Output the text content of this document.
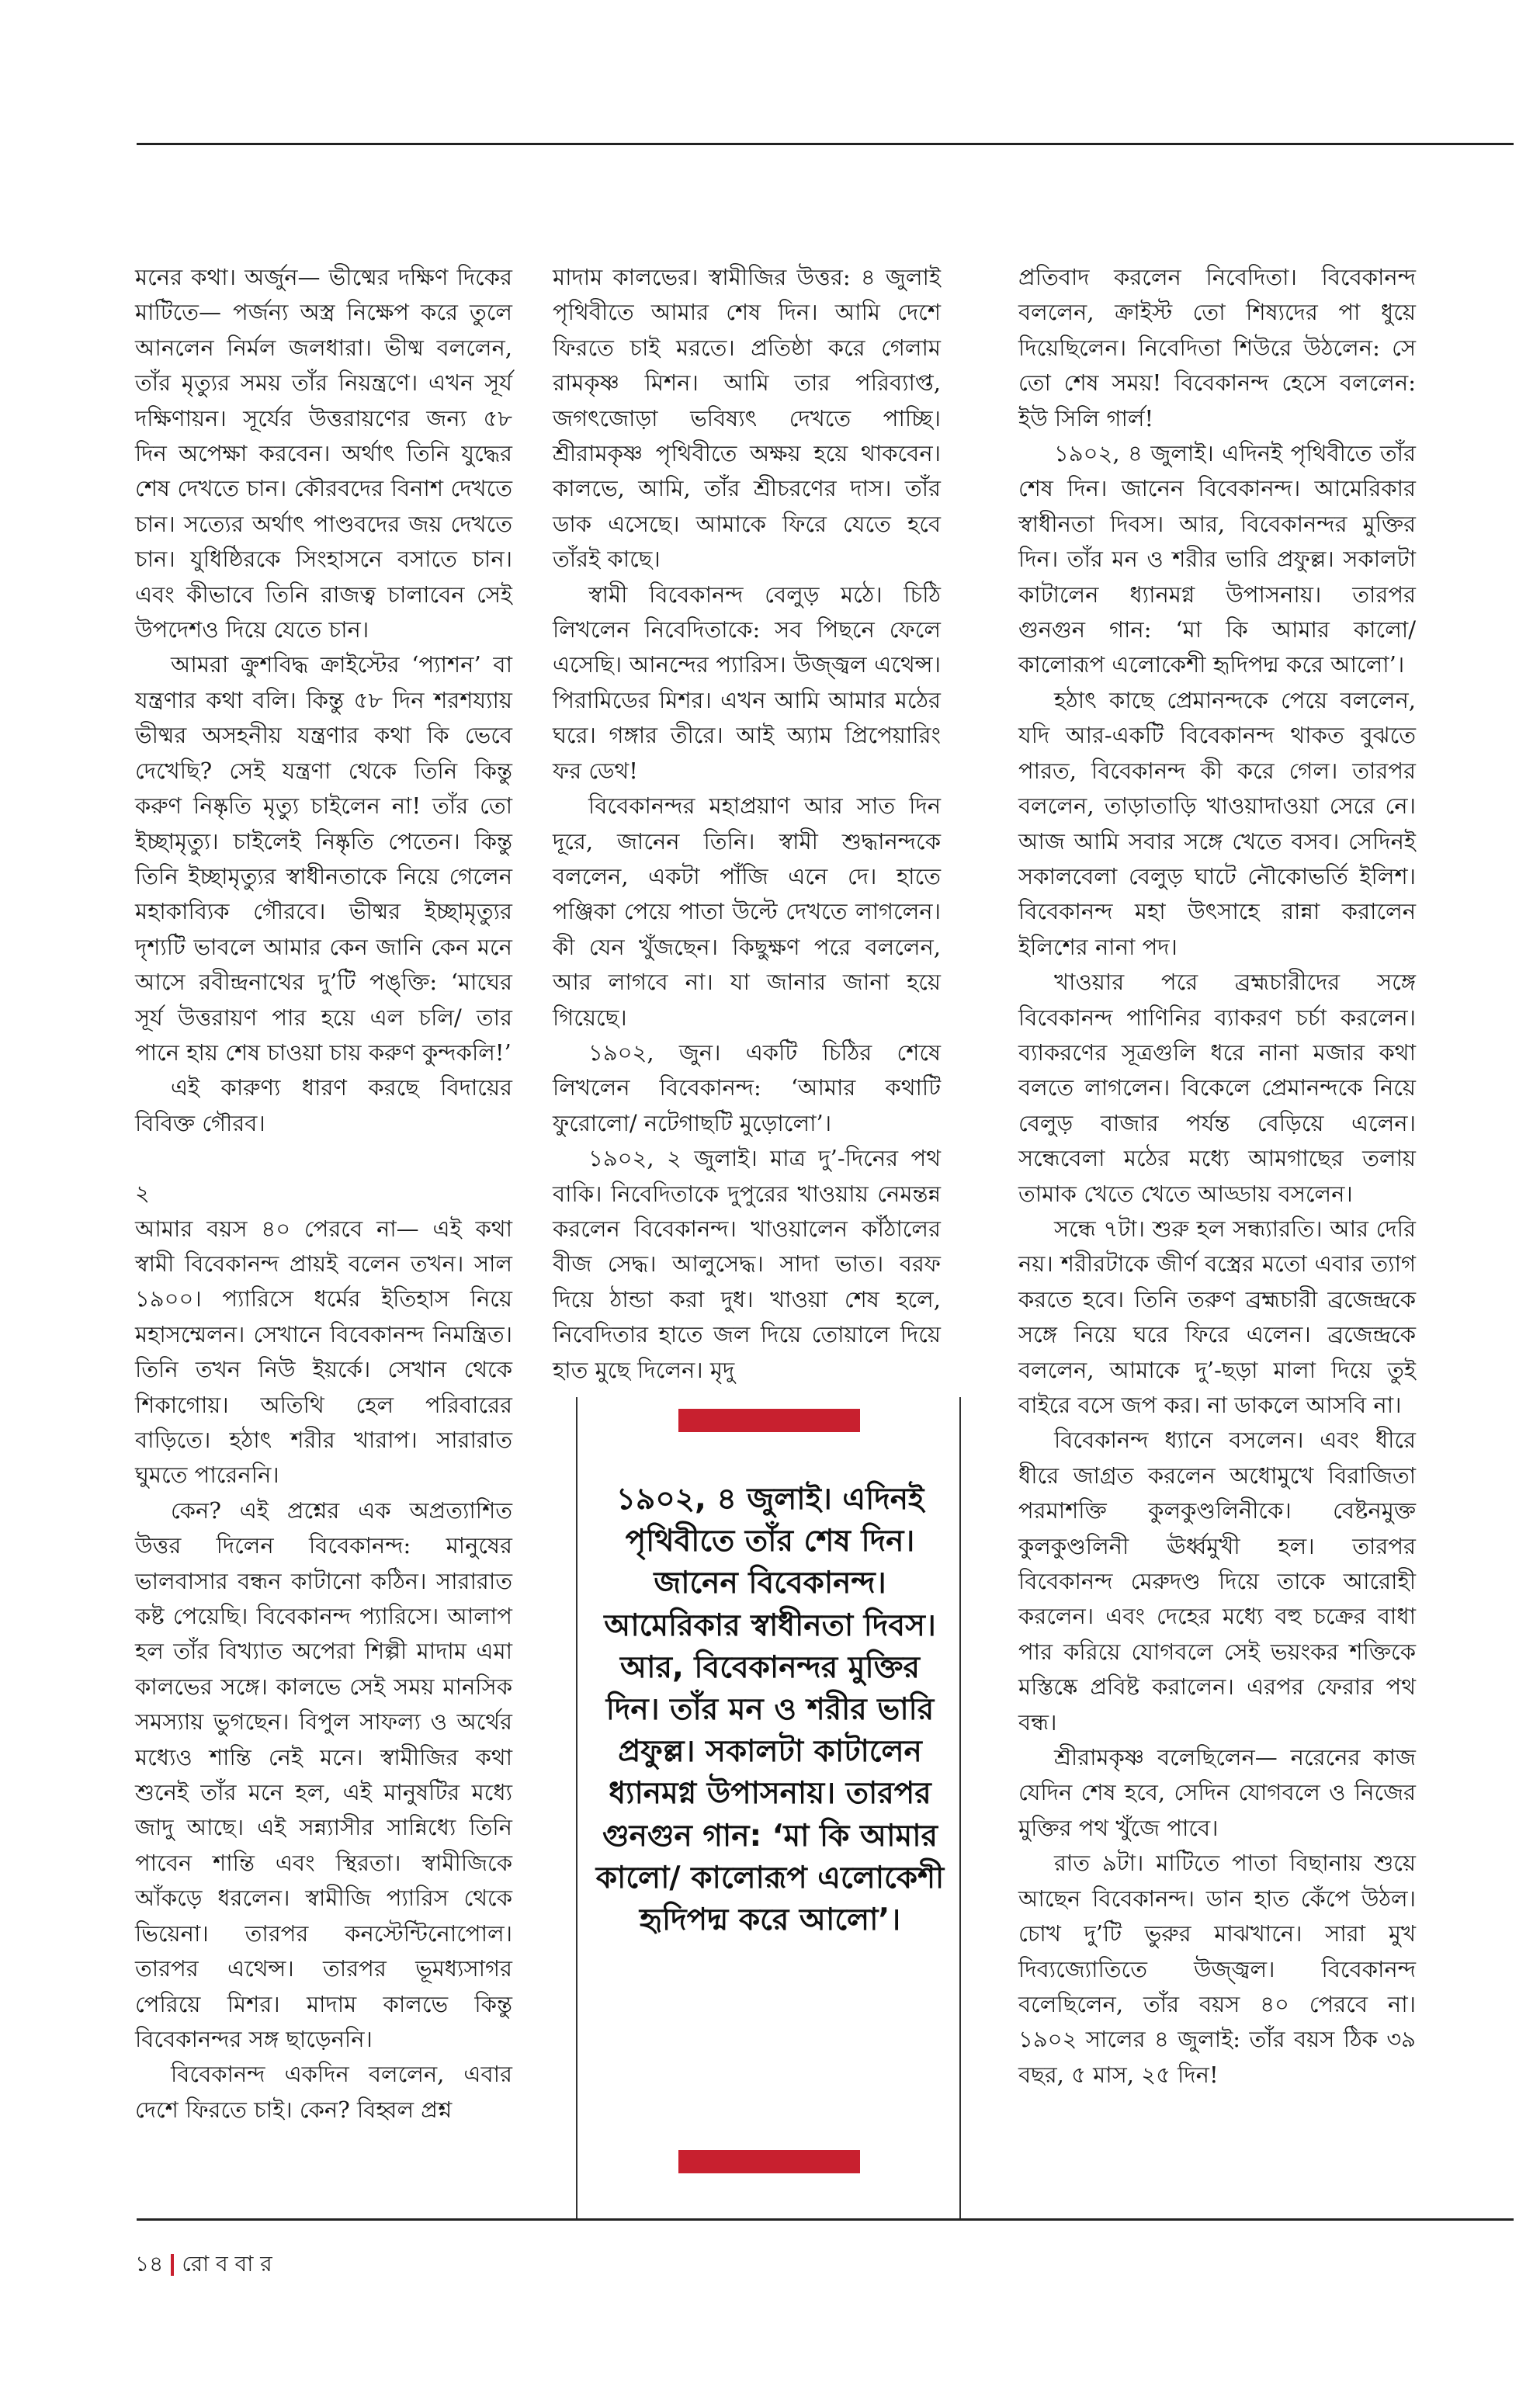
মনের কথা। অর্জুন— ভীষ্মের দক্ষিণ দিকের মাটিতে— পর্জন্য অস্ত্র নিক্ষেপ করে তুলে আনলেন নির্মল জলধারা। ভীষ্ম বললেন, তাঁর মৃত্যুর সময় তাঁর নিয়ন্ত্রণে। এখন সূর্য দক্ষিণায়ন। সূর্যের উত্তরায়ণের জন্য ৫৮ দিন অপেক্ষা করবেন। অর্থাৎ তিনি যুদ্ধের শেষ দেখতে চান। কৌরবদের বিনাশ দেখতে চান। সত্যের অর্থাৎ পাণ্ডবদের জয় দেখতে চান। যুধিষ্ঠিরকে সিংহাসনে বসাতে চান। এবং কীভাবে তিনি রাজত্ব চালাবেন সেই উপদেশও দিয়ে যেতে চান।

আমরা ক্রুশবিদ্ধ ক্রাইস্টের ‘প্যাশন’ বা যন্ত্রণার কথা বলি। কিন্তু ৫৮ দিন শরশয্যায় ভীষ্মর অসহনীয় যন্ত্রণার কথা কি ভেবে দেখেছি? সেই যন্ত্রণা থেকে তিনি কিন্তু করুণ নিষ্কৃতি মৃত্যু চাইলেন না! তাঁর তো ইচ্ছামৃত্যু। চাইলেই নিষ্কৃতি পেতেন। কিন্তু তিনি ইচ্ছামৃত্যুর স্বাধীনতাকে নিয়ে গেলেন মহাকাব্যিক গৌরবে। ভীষ্মর ইচ্ছামৃত্যুর দৃশ্যটি ভাবলে আমার কেন জানি কেন মনে আসে রবীন্দ্রনাথের দু’টি পঙ্‌ক্তি: ‘মাঘের সূর্য উত্তরায়ণ পার হয়ে এল চলি/ তার পানে হায় শেষ চাওয়া চায় করুণ কুন্দকলি!’

এই কারুণ্য ধারণ করছে বিদায়ের বিবিক্ত গৌরব।

২

আমার বয়স ৪০ পেরবে না— এই কথা স্বামী বিবেকানন্দ প্রায়ই বলেন তখন। সাল ১৯০০। প্যারিসে ধর্মের ইতিহাস নিয়ে মহাসম্মেলন। সেখানে বিবেকানন্দ নিমন্ত্রিত। তিনি তখন নিউ ইয়র্কে। সেখান থেকে শিকাগোয়। অতিথি হেল পরিবারের বাড়িতে। হঠাৎ শরীর খারাপ। সারারাত ঘুমতে পারেননি।

কেন? এই প্রশ্নের এক অপ্রত্যাশিত উত্তর দিলেন বিবেকানন্দ: মানুষের ভালবাসার বন্ধন কাটানো কঠিন। সারারাত কষ্ট পেয়েছি। বিবেকানন্দ প্যারিসে। আলাপ হল তাঁর বিখ্যাত অপেরা শিল্পী মাদাম এমা কালভের সঙ্গে। কালভে সেই সময় মানসিক সমস্যায় ভুগছেন। বিপুল সাফল্য ও অর্থের মধ্যেও শান্তি নেই মনে। স্বামীজির কথা শুনেই তাঁর মনে হল, এই মানুষটির মধ্যে জাদু আছে। এই সন্ন্যাসীর সান্নিধ্যে তিনি পাবেন শান্তি এবং স্থিরতা। স্বামীজিকে আঁকড়ে ধরলেন। স্বামীজি প্যারিস থেকে ভিয়েনা। তারপর কনস্টেন্টিনোপোল। তারপর এথেন্স। তারপর ভূমধ্যসাগর পেরিয়ে মিশর। মাদাম কালভে কিন্তু বিবেকানন্দর সঙ্গ ছাড়েননি।

বিবেকানন্দ একদিন বললেন, এবার দেশে ফিরতে চাই। কেন? বিহ্বল প্রশ্ন

মাদাম কালভের। স্বামীজির উত্তর: ৪ জুলাই পৃথিবীতে আমার শেষ দিন। আমি দেশে ফিরতে চাই মরতে। প্রতিষ্ঠা করে গেলাম রামকৃষ্ণ মিশন। আমি তার পরিব্যাপ্ত, জগৎজোড়া ভবিষ্যৎ দেখতে পাচ্ছি। শ্রীরামকৃষ্ণ পৃথিবীতে অক্ষয় হয়ে থাকবেন। কালভে, আমি, তাঁর শ্রীচরণের দাস। তাঁর ডাক এসেছে। আমাকে ফিরে যেতে হবে তাঁরই কাছে।

স্বামী বিবেকানন্দ বেলুড় মঠে। চিঠি লিখলেন নিবেদিতাকে: সব পিছনে ফেলে এসেছি। আনন্দের প্যারিস। উজ্জ্বল এথেন্স। পিরামিডের মিশর। এখন আমি আমার মঠের ঘরে। গঙ্গার তীরে। আই অ্যাম প্রিপেয়ারিং ফর ডেথ!

বিবেকানন্দর মহাপ্রয়াণ আর সাত দিন দূরে, জানেন তিনি। স্বামী শুদ্ধানন্দকে বললেন, একটা পাঁজি এনে দে। হাতে পঞ্জিকা পেয়ে পাতা উল্টে দেখতে লাগলেন। কী যেন খুঁজছেন। কিছুক্ষণ পরে বললেন, আর লাগবে না। যা জানার জানা হয়ে গিয়েছে।

১৯০২, জুন। একটি চিঠির শেষে লিখলেন বিবেকানন্দ: ‘আমার কথাটি ফুরোলো/ নটেগাছটি মুড়োলো’।

১৯০২, ২ জুলাই। মাত্র দু’-দিনের পথ বাকি। নিবেদিতাকে দুপুরের খাওয়ায় নেমন্তন্ন করলেন বিবেকানন্দ। খাওয়ালেন কাঁঠালের বীজ সেদ্ধ। আলুসেদ্ধ। সাদা ভাত। বরফ দিয়ে ঠান্ডা করা দুধ। খাওয়া শেষ হলে, নিবেদিতার হাতে জল দিয়ে তোয়ালে দিয়ে হাত মুছে দিলেন। মৃদু

১৯০২, ৪ জুলাই। এদিনই পৃথিবীতে তাঁর শেষ দিন। জানেন বিবেকানন্দ। আমেরিকার স্বাধীনতা দিবস। আর, বিবেকানন্দর মুক্তির দিন। তাঁর মন ও শরীর ভারি প্রফুল্ল। সকালটা কাটালেন ধ্যানমগ্ন উপাসনায়। তারপর গুনগুন গান: ‘মা কি আমার কালো/ কালোরূপ এলোকেশী হৃদিপদ্ম করে আলো’।

প্রতিবাদ করলেন নিবেদিতা। বিবেকানন্দ বললেন, ক্রাইস্ট তো শিষ্যদের পা ধুয়ে দিয়েছিলেন। নিবেদিতা শিউরে উঠলেন: সে তো শেষ সময়! বিবেকানন্দ হেসে বললেন: ইউ সিলি গার্ল!

১৯০২, ৪ জুলাই। এদিনই পৃথিবীতে তাঁর শেষ দিন। জানেন বিবেকানন্দ। আমেরিকার স্বাধীনতা দিবস। আর, বিবেকানন্দর মুক্তির দিন। তাঁর মন ও শরীর ভারি প্রফুল্ল। সকালটা কাটালেন ধ্যানমগ্ন উপাসনায়। তারপর গুনগুন গান: ‘মা কি আমার কালো/ কালোরূপ এলোকেশী হৃদিপদ্ম করে আলো’।

হঠাৎ কাছে প্রেমানন্দকে পেয়ে বললেন, যদি আর-একটি বিবেকানন্দ থাকত বুঝতে পারত, বিবেকানন্দ কী করে গেল। তারপর বললেন, তাড়াতাড়ি খাওয়াদাওয়া সেরে নে। আজ আমি সবার সঙ্গে খেতে বসব। সেদিনই সকালবেলা বেলুড় ঘাটে নৌকোভর্তি ইলিশ। বিবেকানন্দ মহা উৎসাহে রান্না করালেন ইলিশের নানা পদ।

খাওয়ার পরে ব্রহ্মচারীদের সঙ্গে বিবেকানন্দ পাণিনির ব্যাকরণ চর্চা করলেন। ব্যাকরণের সূত্রগুলি ধরে নানা মজার কথা বলতে লাগলেন। বিকেলে প্রেমানন্দকে নিয়ে বেলুড় বাজার পর্যন্ত বেড়িয়ে এলেন। সন্ধেবেলা মঠের মধ্যে আমগাছের তলায় তামাক খেতে খেতে আড্ডায় বসলেন।

সন্ধে ৭টা। শুরু হল সন্ধ্যারতি। আর দেরি নয়। শরীরটাকে জীর্ণ বস্ত্রের মতো এবার ত্যাগ করতে হবে। তিনি তরুণ ব্রহ্মচারী ব্রজেন্দ্রকে সঙ্গে নিয়ে ঘরে ফিরে এলেন। ব্রজেন্দ্রকে বললেন, আমাকে দু’-ছড়া মালা দিয়ে তুই বাইরে বসে জপ কর। না ডাকলে আসবি না।

বিবেকানন্দ ধ্যানে বসলেন। এবং ধীরে ধীরে জাগ্রত করলেন অধোমুখে বিরাজিতা পরমাশক্তি কুলকুণ্ডলিনীকে। বেষ্টনমুক্ত কুলকুণ্ডলিনী ঊর্ধ্বমুখী হল। তারপর বিবেকানন্দ মেরুদণ্ড দিয়ে তাকে আরোহী করলেন। এবং দেহের মধ্যে বহু চক্রের বাধা পার করিয়ে যোগবলে সেই ভয়ংকর শক্তিকে মস্তিষ্কে প্রবিষ্ট করালেন। এরপর ফেরার পথ বন্ধ।

শ্রীরামকৃষ্ণ বলেছিলেন— নরেনের কাজ যেদিন শেষ হবে, সেদিন যোগবলে ও নিজের মুক্তির পথ খুঁজে পাবে।

রাত ৯টা। মাটিতে পাতা বিছানায় শুয়ে আছেন বিবেকানন্দ। ডান হাত কেঁপে উঠল। চোখ দু’টি ভুরুর মাঝখানে। সারা মুখ দিব্যজ্যোতিতে উজ্জ্বল। বিবেকানন্দ বলেছিলেন, তাঁর বয়স ৪০ পেরবে না। ১৯০২ সালের ৪ জুলাই: তাঁর বয়স ঠিক ৩৯ বছর, ৫ মাস, ২৫ দিন!

১৪ রো ব বা র
